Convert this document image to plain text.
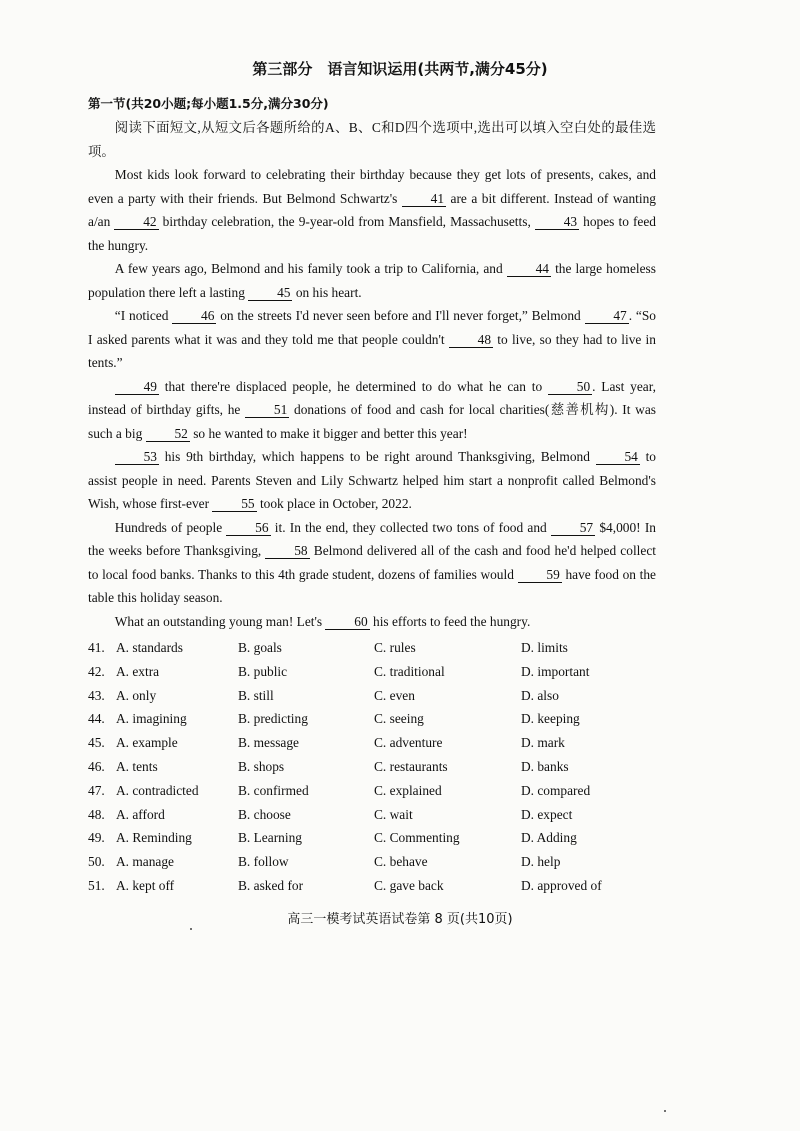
第三部分　语言知识运用(共两节,满分45分)
第一节(共20小题;每小题1.5分,满分30分)

阅读下面短文,从短文后各题所给的A、B、C和D四个选项中,选出可以填入空白处的最佳选项。

Most kids look forward to celebrating their birthday because they get lots of presents, cakes, and even a party with their friends. But Belmond Schwartz's 41 are a bit different. Instead of wanting a/an 42 birthday celebration, the 9-year-old from Mansfield, Massachusetts, 43 hopes to feed the hungry.

A few years ago, Belmond and his family took a trip to California, and 44 the large homeless population there left a lasting 45 on his heart.

“I noticed 46 on the streets I'd never seen before and I'll never forget,” Belmond 47 . “So I asked parents what it was and they told me that people couldn't 48 to live, so they had to live in tents.”

49 that there're displaced people, he determined to do what he can to 50 . Last year, instead of birthday gifts, he 51 donations of food and cash for local charities(慈善机构). It was such a big 52 so he wanted to make it bigger and better this year!

53 his 9th birthday, which happens to be right around Thanksgiving, Belmond 54 to assist people in need. Parents Steven and Lily Schwartz helped him start a nonprofit called Belmond's Wish, whose first-ever 55 took place in October, 2022.

Hundreds of people 56 it. In the end, they collected two tons of food and 57 $4,000! In the weeks before Thanksgiving, 58 Belmond delivered all of the cash and food he'd helped collect to local food banks. Thanks to this 4th grade student, dozens of families would 59 have food on the table this holiday season.

What an outstanding young man! Let's 60 his efforts to feed the hungry.

41. A. standards	B. goals	C. rules	D. limits
42. A. extra	B. public	C. traditional	D. important
43. A. only	B. still	C. even	D. also
44. A. imagining	B. predicting	C. seeing	D. keeping
45. A. example	B. message	C. adventure	D. mark
46. A. tents	B. shops	C. restaurants	D. banks
47. A. contradicted	B. confirmed	C. explained	D. compared
48. A. afford	B. choose	C. wait	D. expect
49. A. Reminding	B. Learning	C. Commenting	D. Adding
50. A. manage	B. follow	C. behave	D. help
51. A. kept off	B. asked for	C. gave back	D. approved of
高三一模考试英语试卷第 8 页(共10页)
